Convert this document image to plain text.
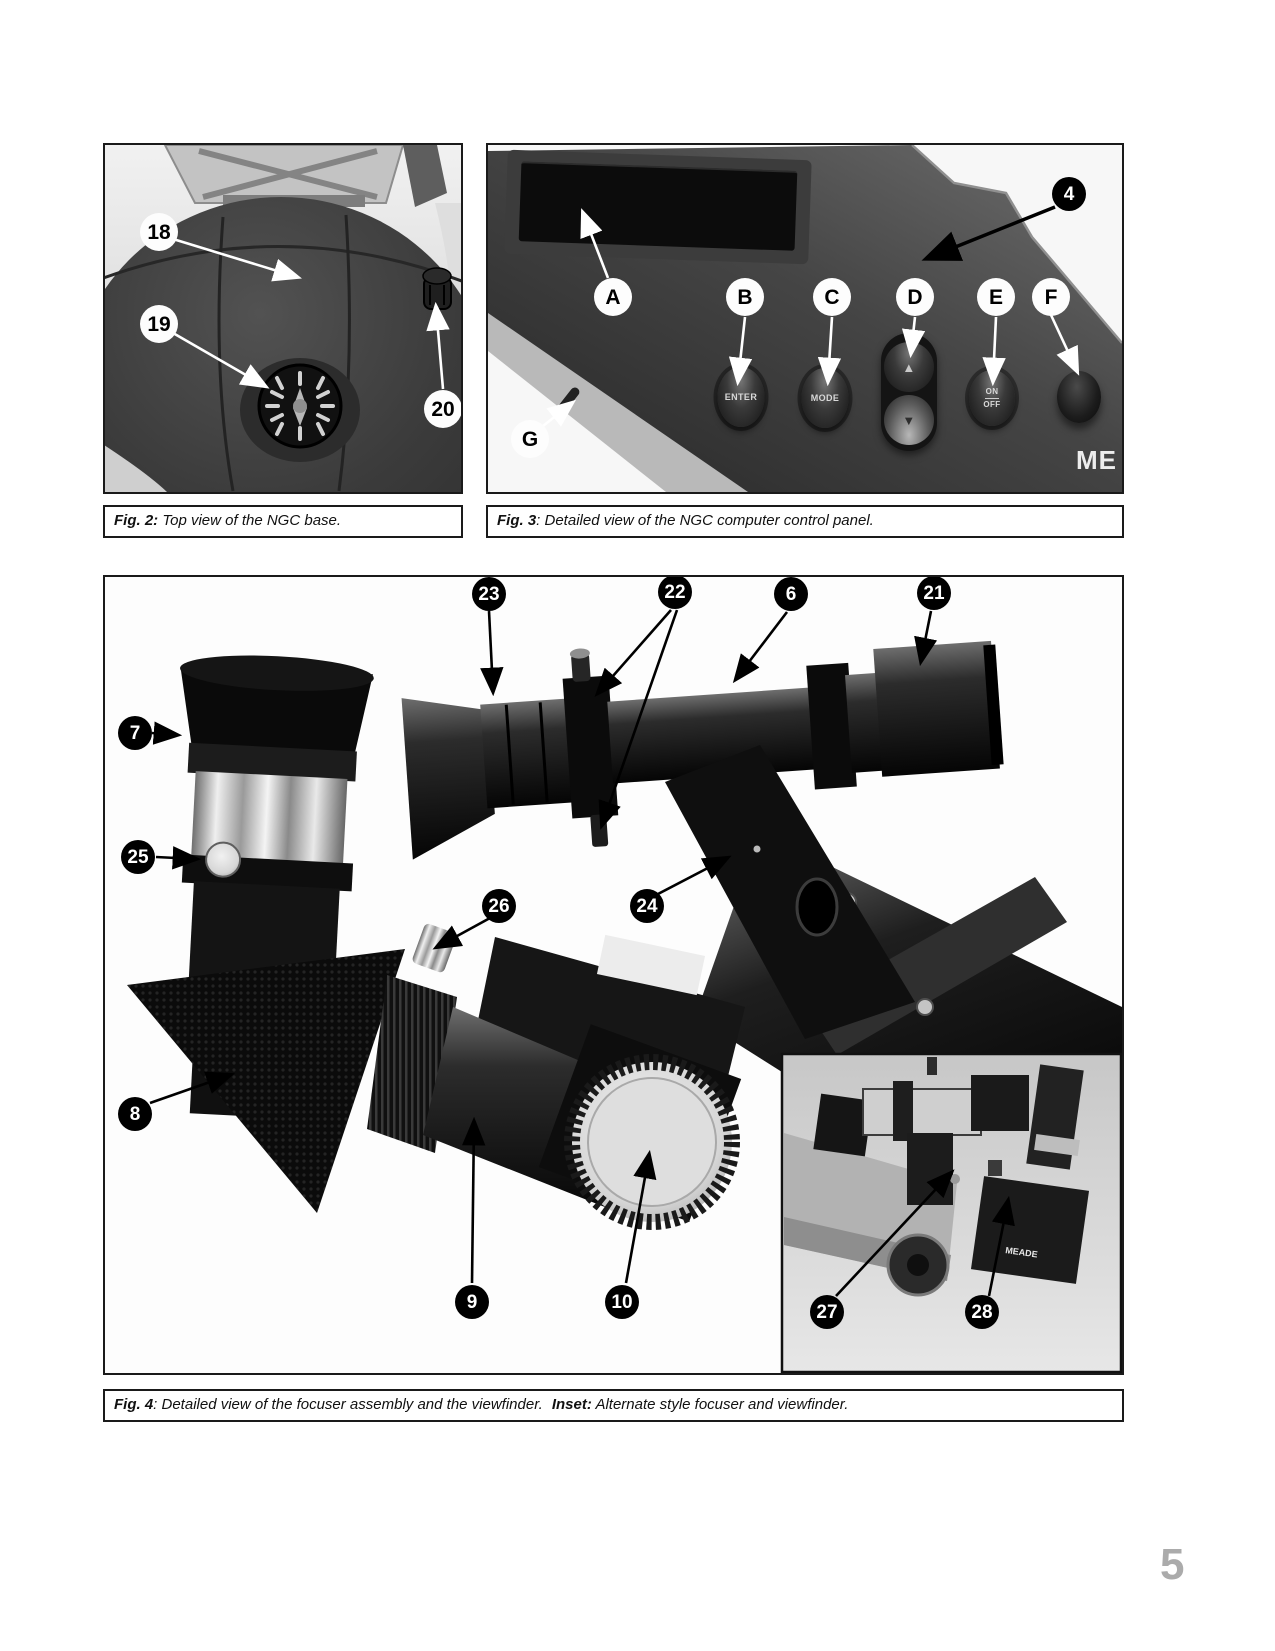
18
19
20
Fig. 2: Top view of the NGC base.
ENTER	MODE
▲
▼
ON
OFF
ME
A	B	C	D	E	F
G
4
Fig. 3: Detailed view of the NGC computer control panel.
MEADE
23	22	6	21
7
25
26	24
8
9	10	27	28
Fig. 4: Detailed view of the focuser assembly and the viewfinder. Inset: Alternate style focuser and viewfinder.
5
